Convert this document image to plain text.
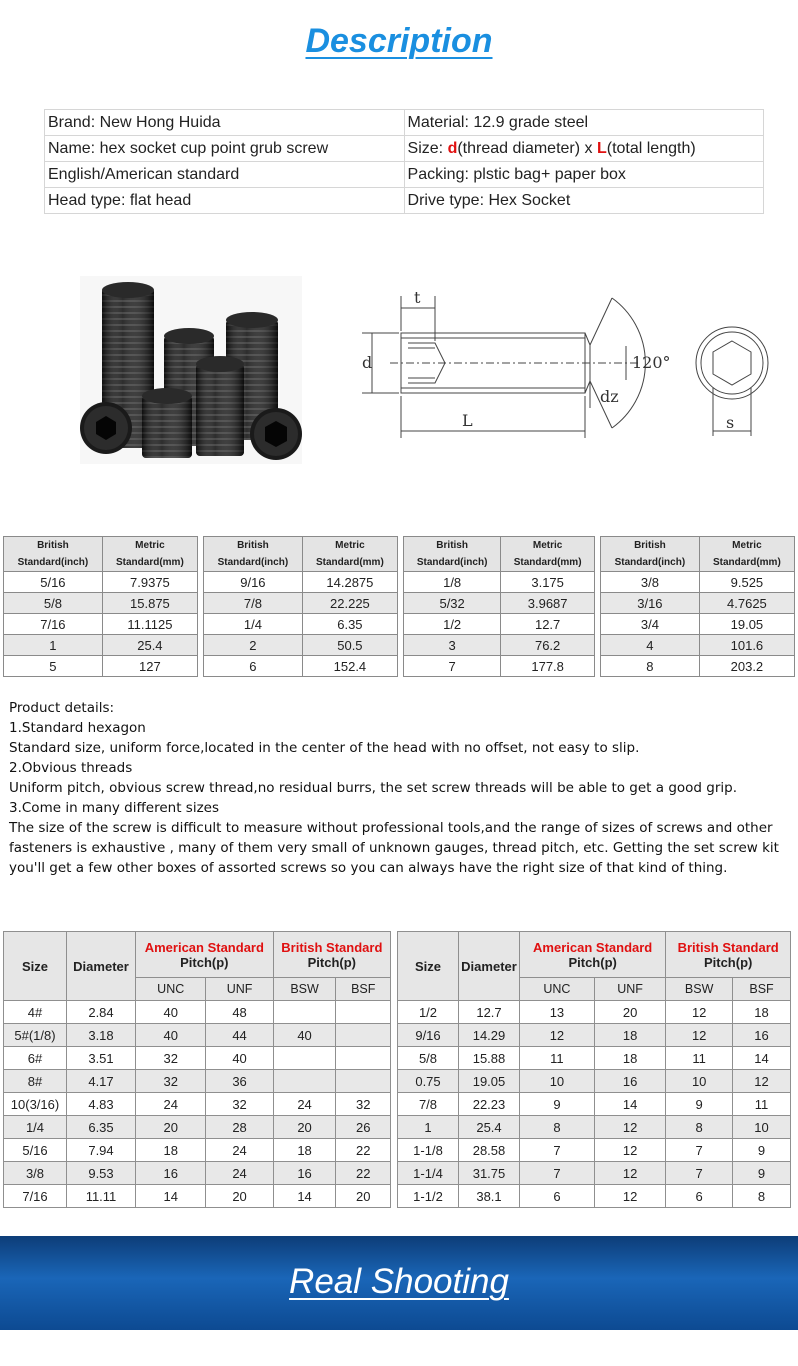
Description
Brand: New Hong Huida	Material: 12.9 grade steel
Name: hex socket cup point grub screw	Size: d(thread diameter) x L(total length)
English/American standard	Packing: plstic bag+ paper box
Head type: flat head	Drive type: Hex Socket
t
d	120°
dz
L	s
British
Standard(inch)	Metric
Standard(mm)
5/16	7.9375
5/8	15.875
7/16	11.1125
1	25.4
5	127
British
Standard(inch)	Metric
Standard(mm)
9/16	14.2875
7/8	22.225
1/4	6.35
2	50.5
6	152.4
British
Standard(inch)	Metric
Standard(mm)
1/8	3.175
5/32	3.9687
1/2	12.7
3	76.2
7	177.8
British
Standard(inch)	Metric
Standard(mm)
3/8	9.525
3/16	4.7625
3/4	19.05
4	101.6
8	203.2
Product details:
1.Standard hexagon
Standard size, uniform force,located in the center of the head with no offset, not easy to slip.
2.Obvious threads
Uniform pitch, obvious screw thread,no residual burrs, the set screw threads will be able to get a good grip.
3.Come in many different sizes
The size of the screw is difficult to measure without professional tools,and the range of sizes of screws and other fasteners is exhaustive , many of them very small of unknown gauges, thread pitch, etc. Getting the set screw kit you'll get a few other boxes of assorted screws so you can always have the right size of that kind of thing.
Size	Diameter	American Standard
Pitch(p)		British Standard
Pitch(p)	
		UNC	UNF	BSW	BSF
4#	2.84	40	48		
5#(1/8)	3.18	40	44	40	
6#	3.51	32	40		
8#	4.17	32	36		
10(3/16)	4.83	24	32	24	32
1/4	6.35	20	28	20	26
5/16	7.94	18	24	18	22
3/8	9.53	16	24	16	22
7/16	11.11	14	20	14	20
Size	Diameter	American Standard
Pitch(p)		British Standard
Pitch(p)	
		UNC	UNF	BSW	BSF
1/2	12.7	13	20	12	18
9/16	14.29	12	18	12	16
5/8	15.88	11	18	11	14
0.75	19.05	10	16	10	12
7/8	22.23	9	14	9	11
1	25.4	8	12	8	10
1-1/8	28.58	7	12	7	9
1-1/4	31.75	7	12	7	9
1-1/2	38.1	6	12	6	8
Real Shooting
